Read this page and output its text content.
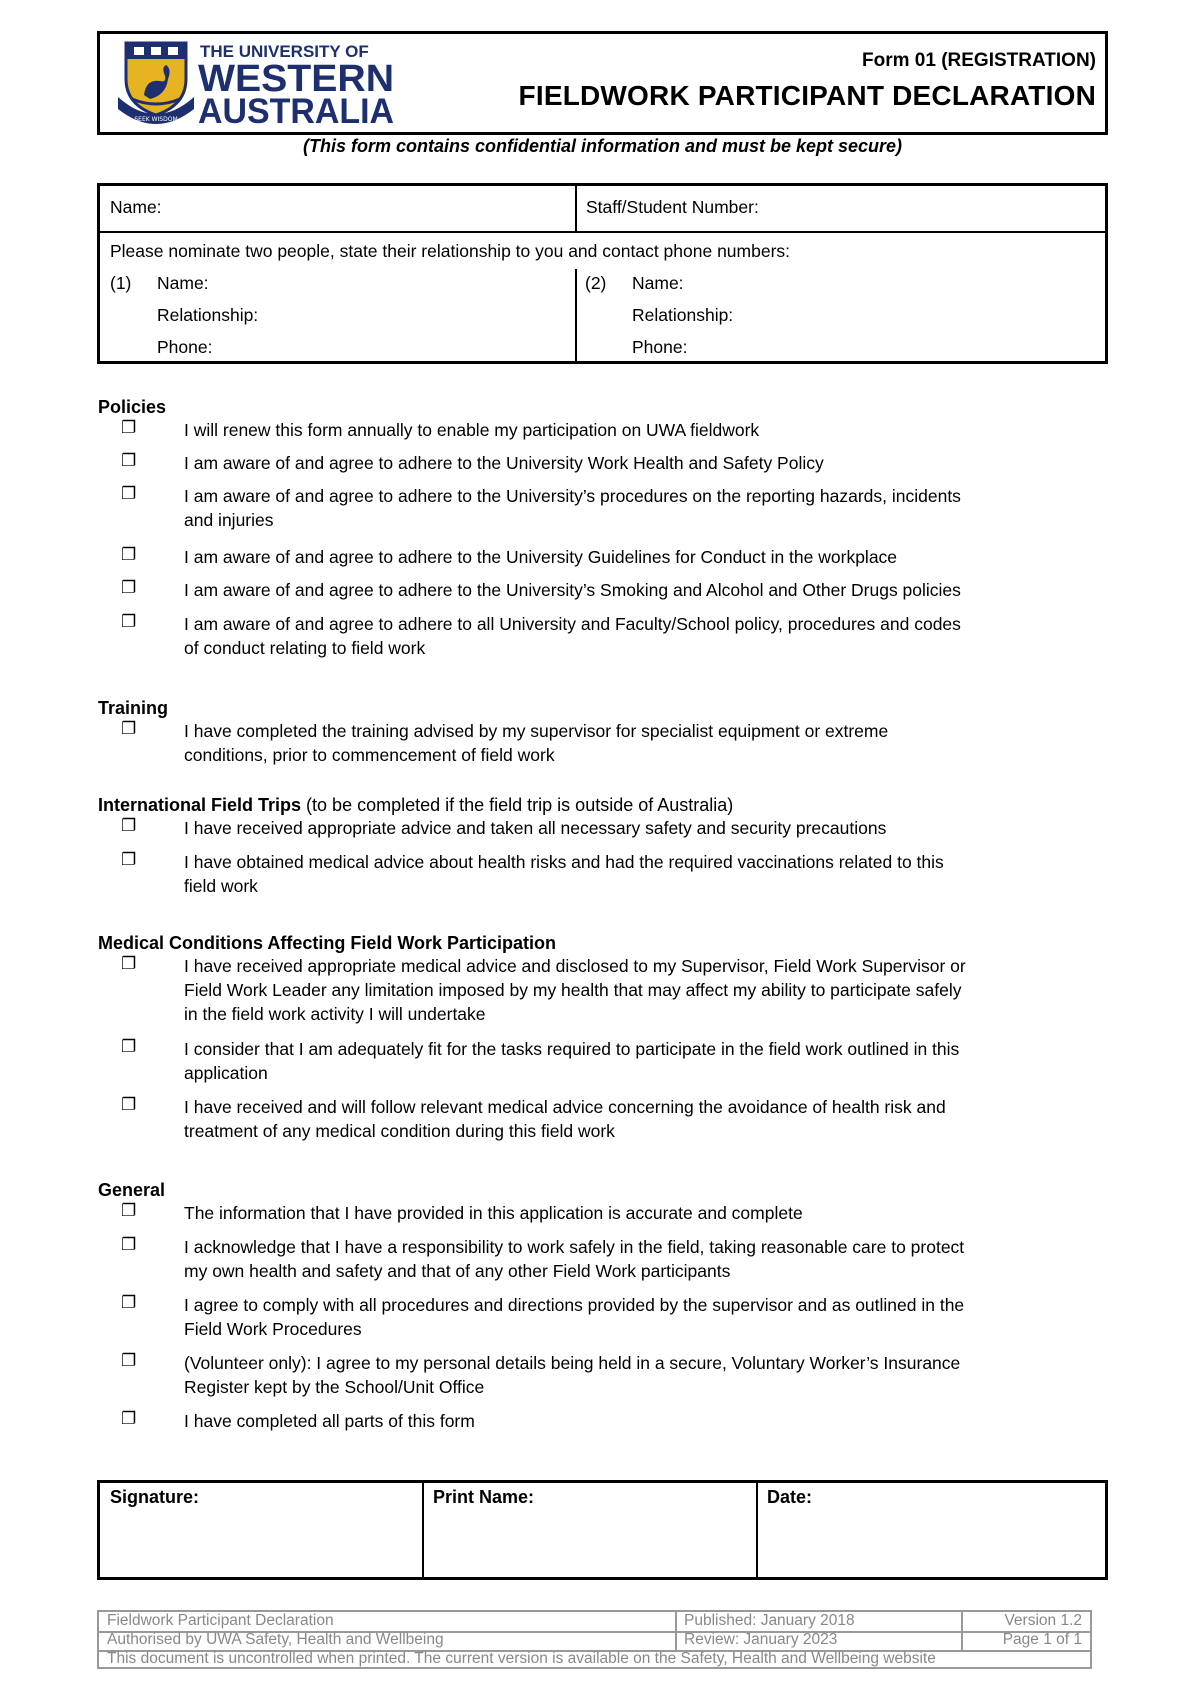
SEEK WISDOM
THE UNIVERSITY OF
WESTERN
AUSTRALIA
Form 01 (REGISTRATION)
FIELDWORK PARTICIPANT DECLARATION
(This form contains confidential information and must be kept secure)
Name:	Staff/Student Number:
Please nominate two people, state their relationship to you and contact phone numbers:
(1) Name:
Relationship:
Phone:
(2) Name:
Relationship:
Phone:
Policies
❐	I will renew this form annually to enable my participation on UWA fieldwork
❐	I am aware of and agree to adhere to the University Work Health and Safety Policy
❐	I am aware of and agree to adhere to the University’s procedures on the reporting hazards, incidents
and injuries
❐	I am aware of and agree to adhere to the University Guidelines for Conduct in the workplace
❐	I am aware of and agree to adhere to the University’s Smoking and Alcohol and Other Drugs policies
❐	I am aware of and agree to adhere to all University and Faculty/School policy, procedures and codes
of conduct relating to field work
Training
❐	I have completed the training advised by my supervisor for specialist equipment or extreme
conditions, prior to commencement of field work
International Field Trips (to be completed if the field trip is outside of Australia)
❐	I have received appropriate advice and taken all necessary safety and security precautions
❐	I have obtained medical advice about health risks and had the required vaccinations related to this
field work
Medical Conditions Affecting Field Work Participation
❐	I have received appropriate medical advice and disclosed to my Supervisor, Field Work Supervisor or
Field Work Leader any limitation imposed by my health that may affect my ability to participate safely
in the field work activity I will undertake
❐	I consider that I am adequately fit for the tasks required to participate in the field work outlined in this
application
❐	I have received and will follow relevant medical advice concerning the avoidance of health risk and
treatment of any medical condition during this field work
General
❐	The information that I have provided in this application is accurate and complete
❐	I acknowledge that I have a responsibility to work safely in the field, taking reasonable care to protect
my own health and safety and that of any other Field Work participants
❐	I agree to comply with all procedures and directions provided by the supervisor and as outlined in the
Field Work Procedures
❐	(Volunteer only): I agree to my personal details being held in a secure, Voluntary Worker’s Insurance
Register kept by the School/Unit Office
❐	I have completed all parts of this form
Signature:	Print Name:	Date:
Fieldwork Participant Declaration	Published: January 2018	Version 1.2
Authorised by UWA Safety, Health and Wellbeing	Review: January 2023	Page 1 of 1
This document is uncontrolled when printed. The current version is available on the Safety, Health and Wellbeing website
